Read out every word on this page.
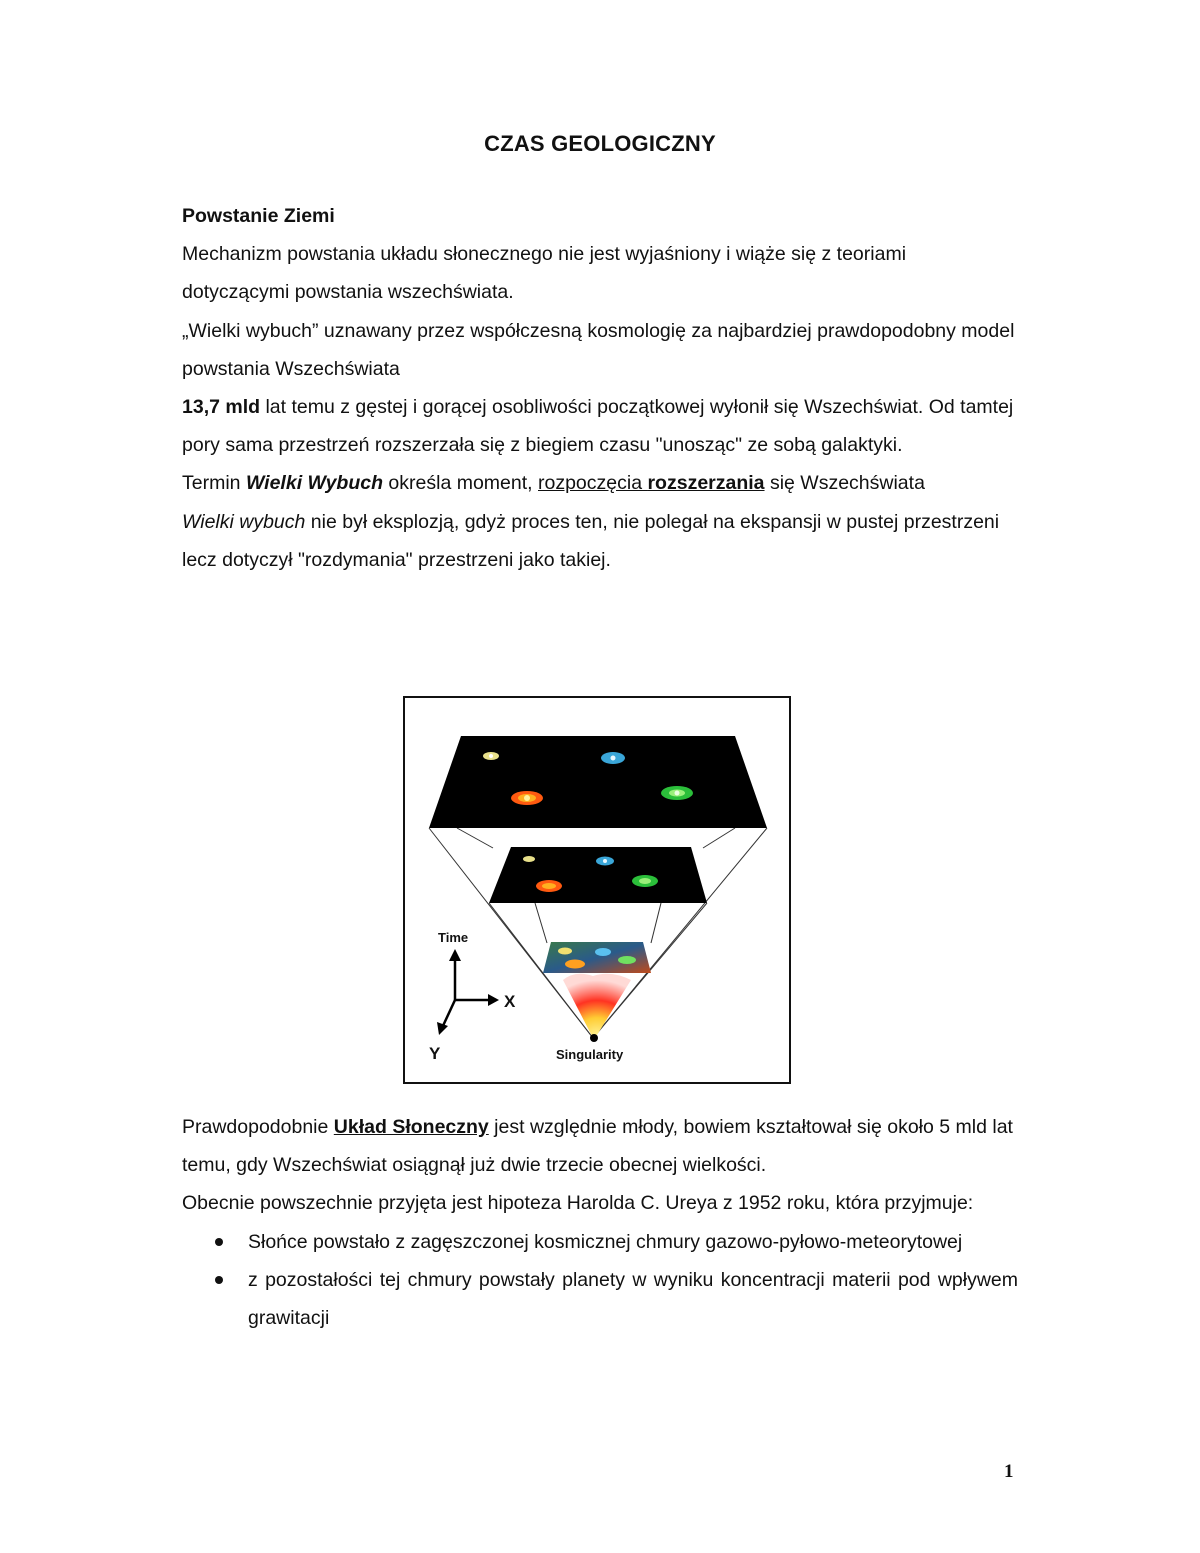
CZAS GEOLOGICZNY

Powstanie Ziemi

Mechanizm powstania układu słonecznego nie jest wyjaśniony i wiąże się z teoriami dotyczącymi powstania wszechświata.

„Wielki wybuch” uznawany przez współczesną kosmologię za najbardziej prawdopodobny model powstania Wszechświata

13,7 mld lat temu z gęstej i gorącej osobliwości początkowej wyłonił się Wszechświat. Od tamtej pory sama przestrzeń rozszerzała się z biegiem czasu "unosząc" ze sobą galaktyki.

Termin Wielki Wybuch określa moment, rozpoczęcia rozszerzania się Wszechświata

Wielki wybuch nie był eksplozją, gdyż proces ten, nie polegał na ekspansji w pustej przestrzeni lecz dotyczył "rozdymania" przestrzeni jako takiej.

Time
X
Y	Singularity

Prawdopodobnie Układ Słoneczny jest względnie młody, bowiem kształtował się około 5 mld lat temu, gdy Wszechświat osiągnął już dwie trzecie obecnej wielkości.

Obecnie powszechnie przyjęta jest hipoteza Harolda C. Ureya z 1952 roku, która przyjmuje:

Słońce powstało z zagęszczonej kosmicznej chmury gazowo-pyłowo-meteorytowej
z pozostałości tej chmury powstały planety w wyniku koncentracji materii pod wpływem grawitacji
1
